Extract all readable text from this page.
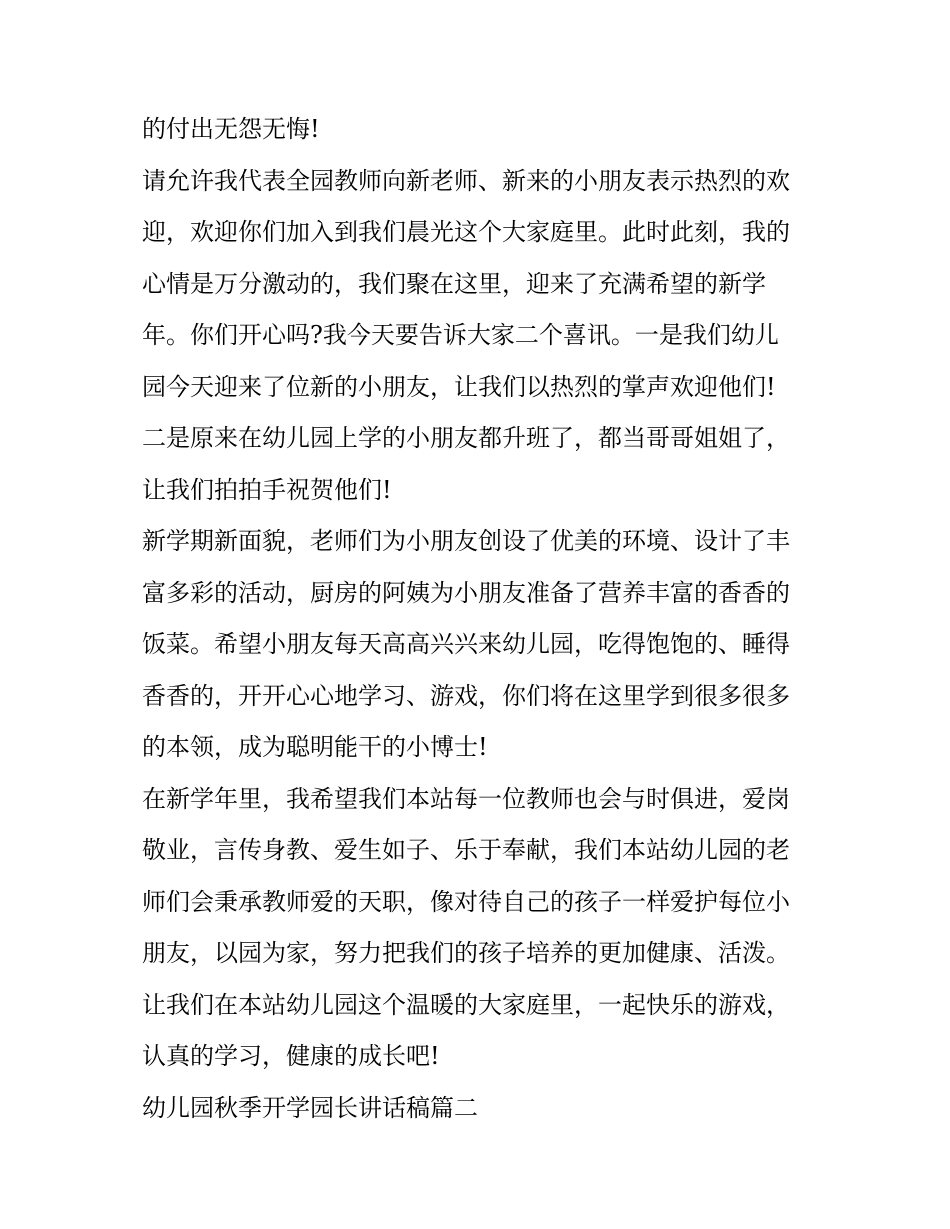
的付出无怨无悔!
请允许我代表全园教师向新老师、新来的小朋友表示热烈的欢
迎，欢迎你们加入到我们晨光这个大家庭里。此时此刻，我的
心情是万分激动的，我们聚在这里，迎来了充满希望的新学
年。你们开心吗?我今天要告诉大家二个喜讯。一是我们幼儿
园今天迎来了位新的小朋友，让我们以热烈的掌声欢迎他们!
二是原来在幼儿园上学的小朋友都升班了，都当哥哥姐姐了，
让我们拍拍手祝贺他们!
新学期新面貌，老师们为小朋友创设了优美的环境、设计了丰
富多彩的活动，厨房的阿姨为小朋友准备了营养丰富的香香的
饭菜。希望小朋友每天高高兴兴来幼儿园，吃得饱饱的、睡得
香香的，开开心心地学习、游戏，你们将在这里学到很多很多
的本领，成为聪明能干的小博士!
在新学年里，我希望我们本站每一位教师也会与时俱进，爱岗
敬业，言传身教、爱生如子、乐于奉献，我们本站幼儿园的老
师们会秉承教师爱的天职，像对待自己的孩子一样爱护每位小
朋友，以园为家，努力把我们的孩子培养的更加健康、活泼。
让我们在本站幼儿园这个温暖的大家庭里，一起快乐的游戏，
认真的学习，健康的成长吧!
幼儿园秋季开学园长讲话稿篇二
